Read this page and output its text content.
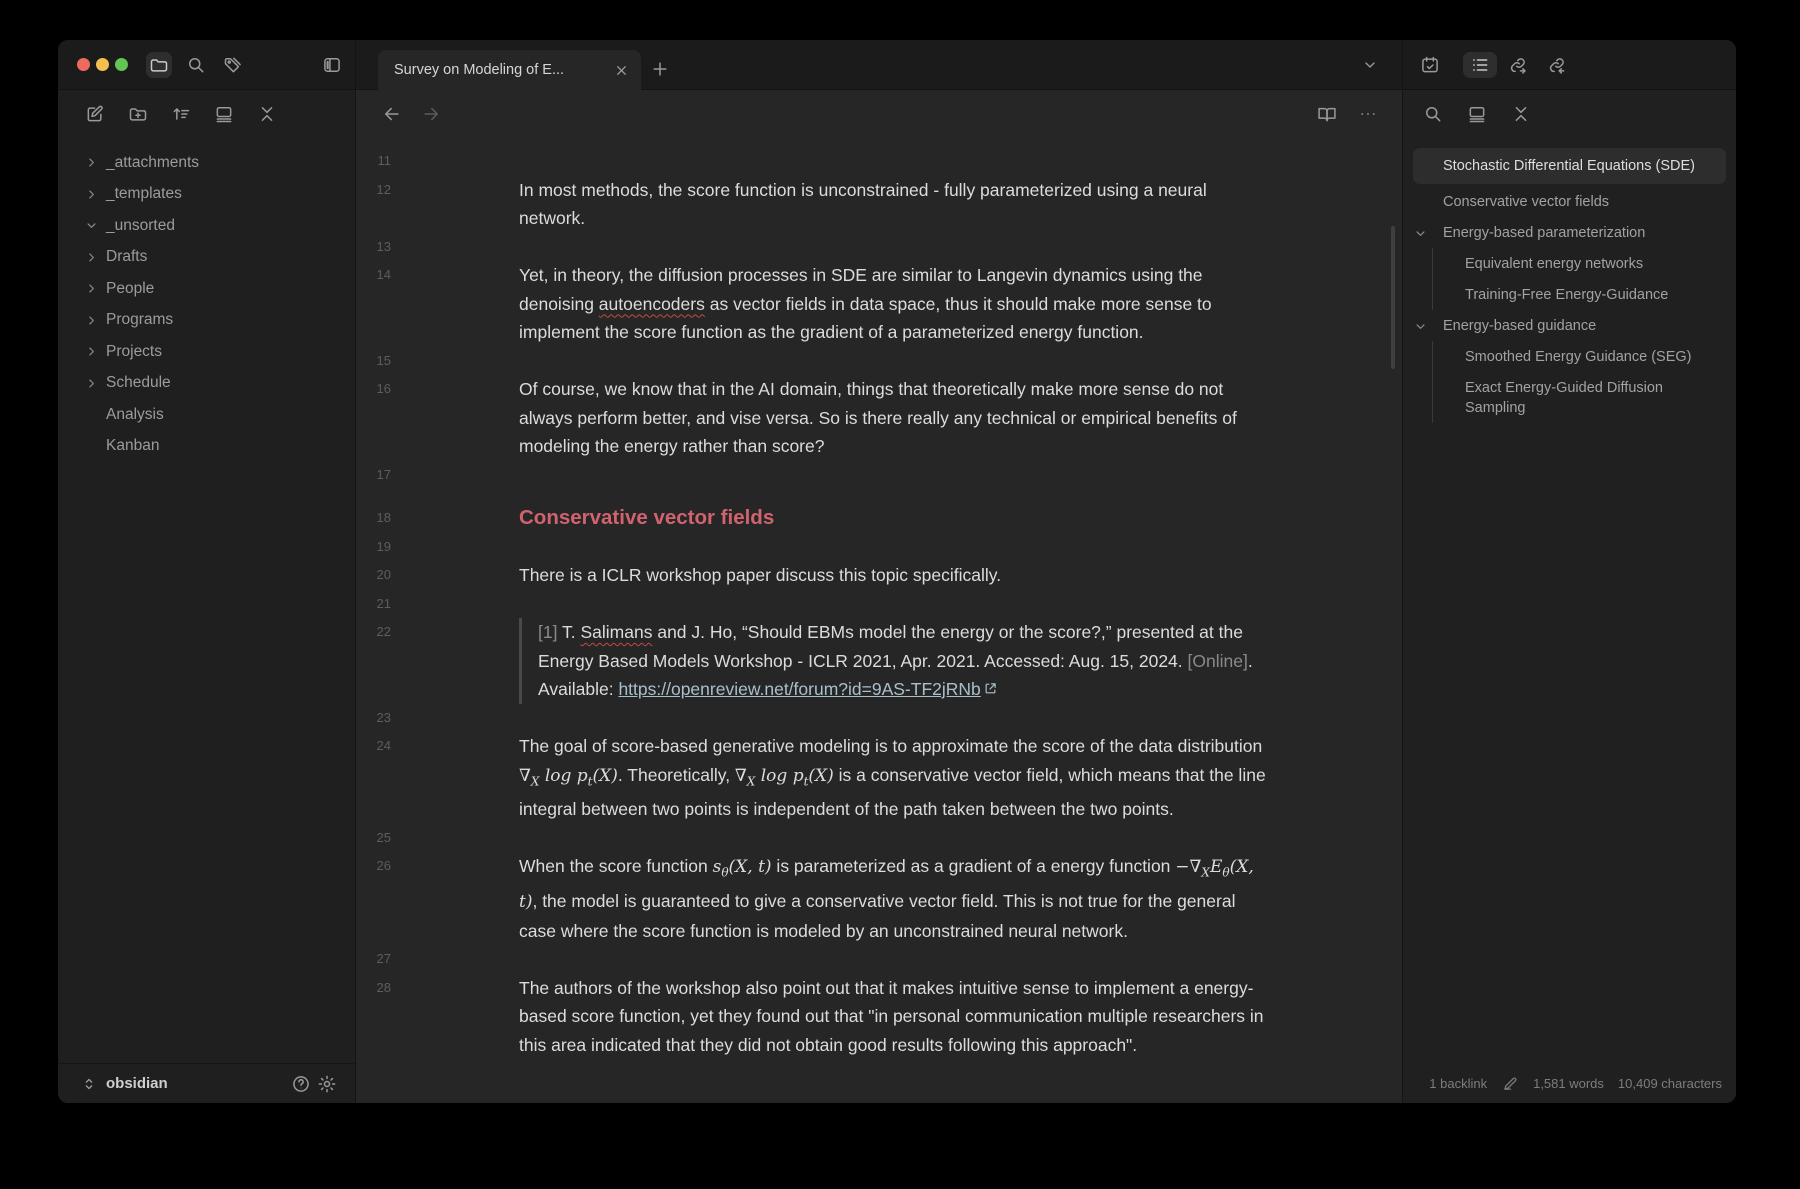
Survey on Modeling of E...
_attachments
_templates
_unsorted
Drafts
People
Programs
Projects
Schedule
Analysis
Kanban
obsidian
11
12	In most methods, the score function is unconstrained - fully parameterized using a neural network.
13
14	Yet, in theory, the diffusion processes in SDE are similar to Langevin dynamics using the denoising autoencoders as vector fields in data space, thus it should make more sense to implement the score function as the gradient of a parameterized energy function.
15
16	Of course, we know that in the AI domain, things that theoretically make more sense do not always perform better, and vise versa. So is there really any technical or empirical benefits of modeling the energy rather than score?
17
18	Conservative vector fields
19
20	There is a ICLR workshop paper discuss this topic specifically.
21
22	[1] T. Salimans and J. Ho, “Should EBMs model the energy or the score?,” presented at the Energy Based Models Workshop - ICLR 2021, Apr. 2021. Accessed: Aug. 15, 2024. [Online]. Available: https://openreview.net/forum?id=9AS-TF2jRNb
23
24	The goal of score-based generative modeling is to approximate the score of the data distribution $\nabla_X$ $\log p_t(X)$. Theoretically, $\nabla_X$ $\log p_t(X)$ is a conservative vector field, which means that the line integral between two points is independent of the path taken between the two points.
25
26	When the score function $s_\theta(X$, t) is parameterized as a gradient of a energy function $-\nabla_XE_\theta(X$, t), the model is guaranteed to give a conservative vector field. This is not true for the general case where the score function is modeled by an unconstrained neural network.
27
28	The authors of the workshop also point out that it makes intuitive sense to implement a energy-based score function, yet they found out that "in personal communication multiple researchers in this area indicated that they did not obtain good results following this approach".
Stochastic Differential Equations (SDE)
Conservative vector fields
Energy-based parameterization
Equivalent energy networks
Training-Free Energy-Guidance
Energy-based guidance
Smoothed Energy Guidance (SEG)
Exact Energy-Guided Diffusion Sampling
1 backlink	1,581 words 10,409 characters
